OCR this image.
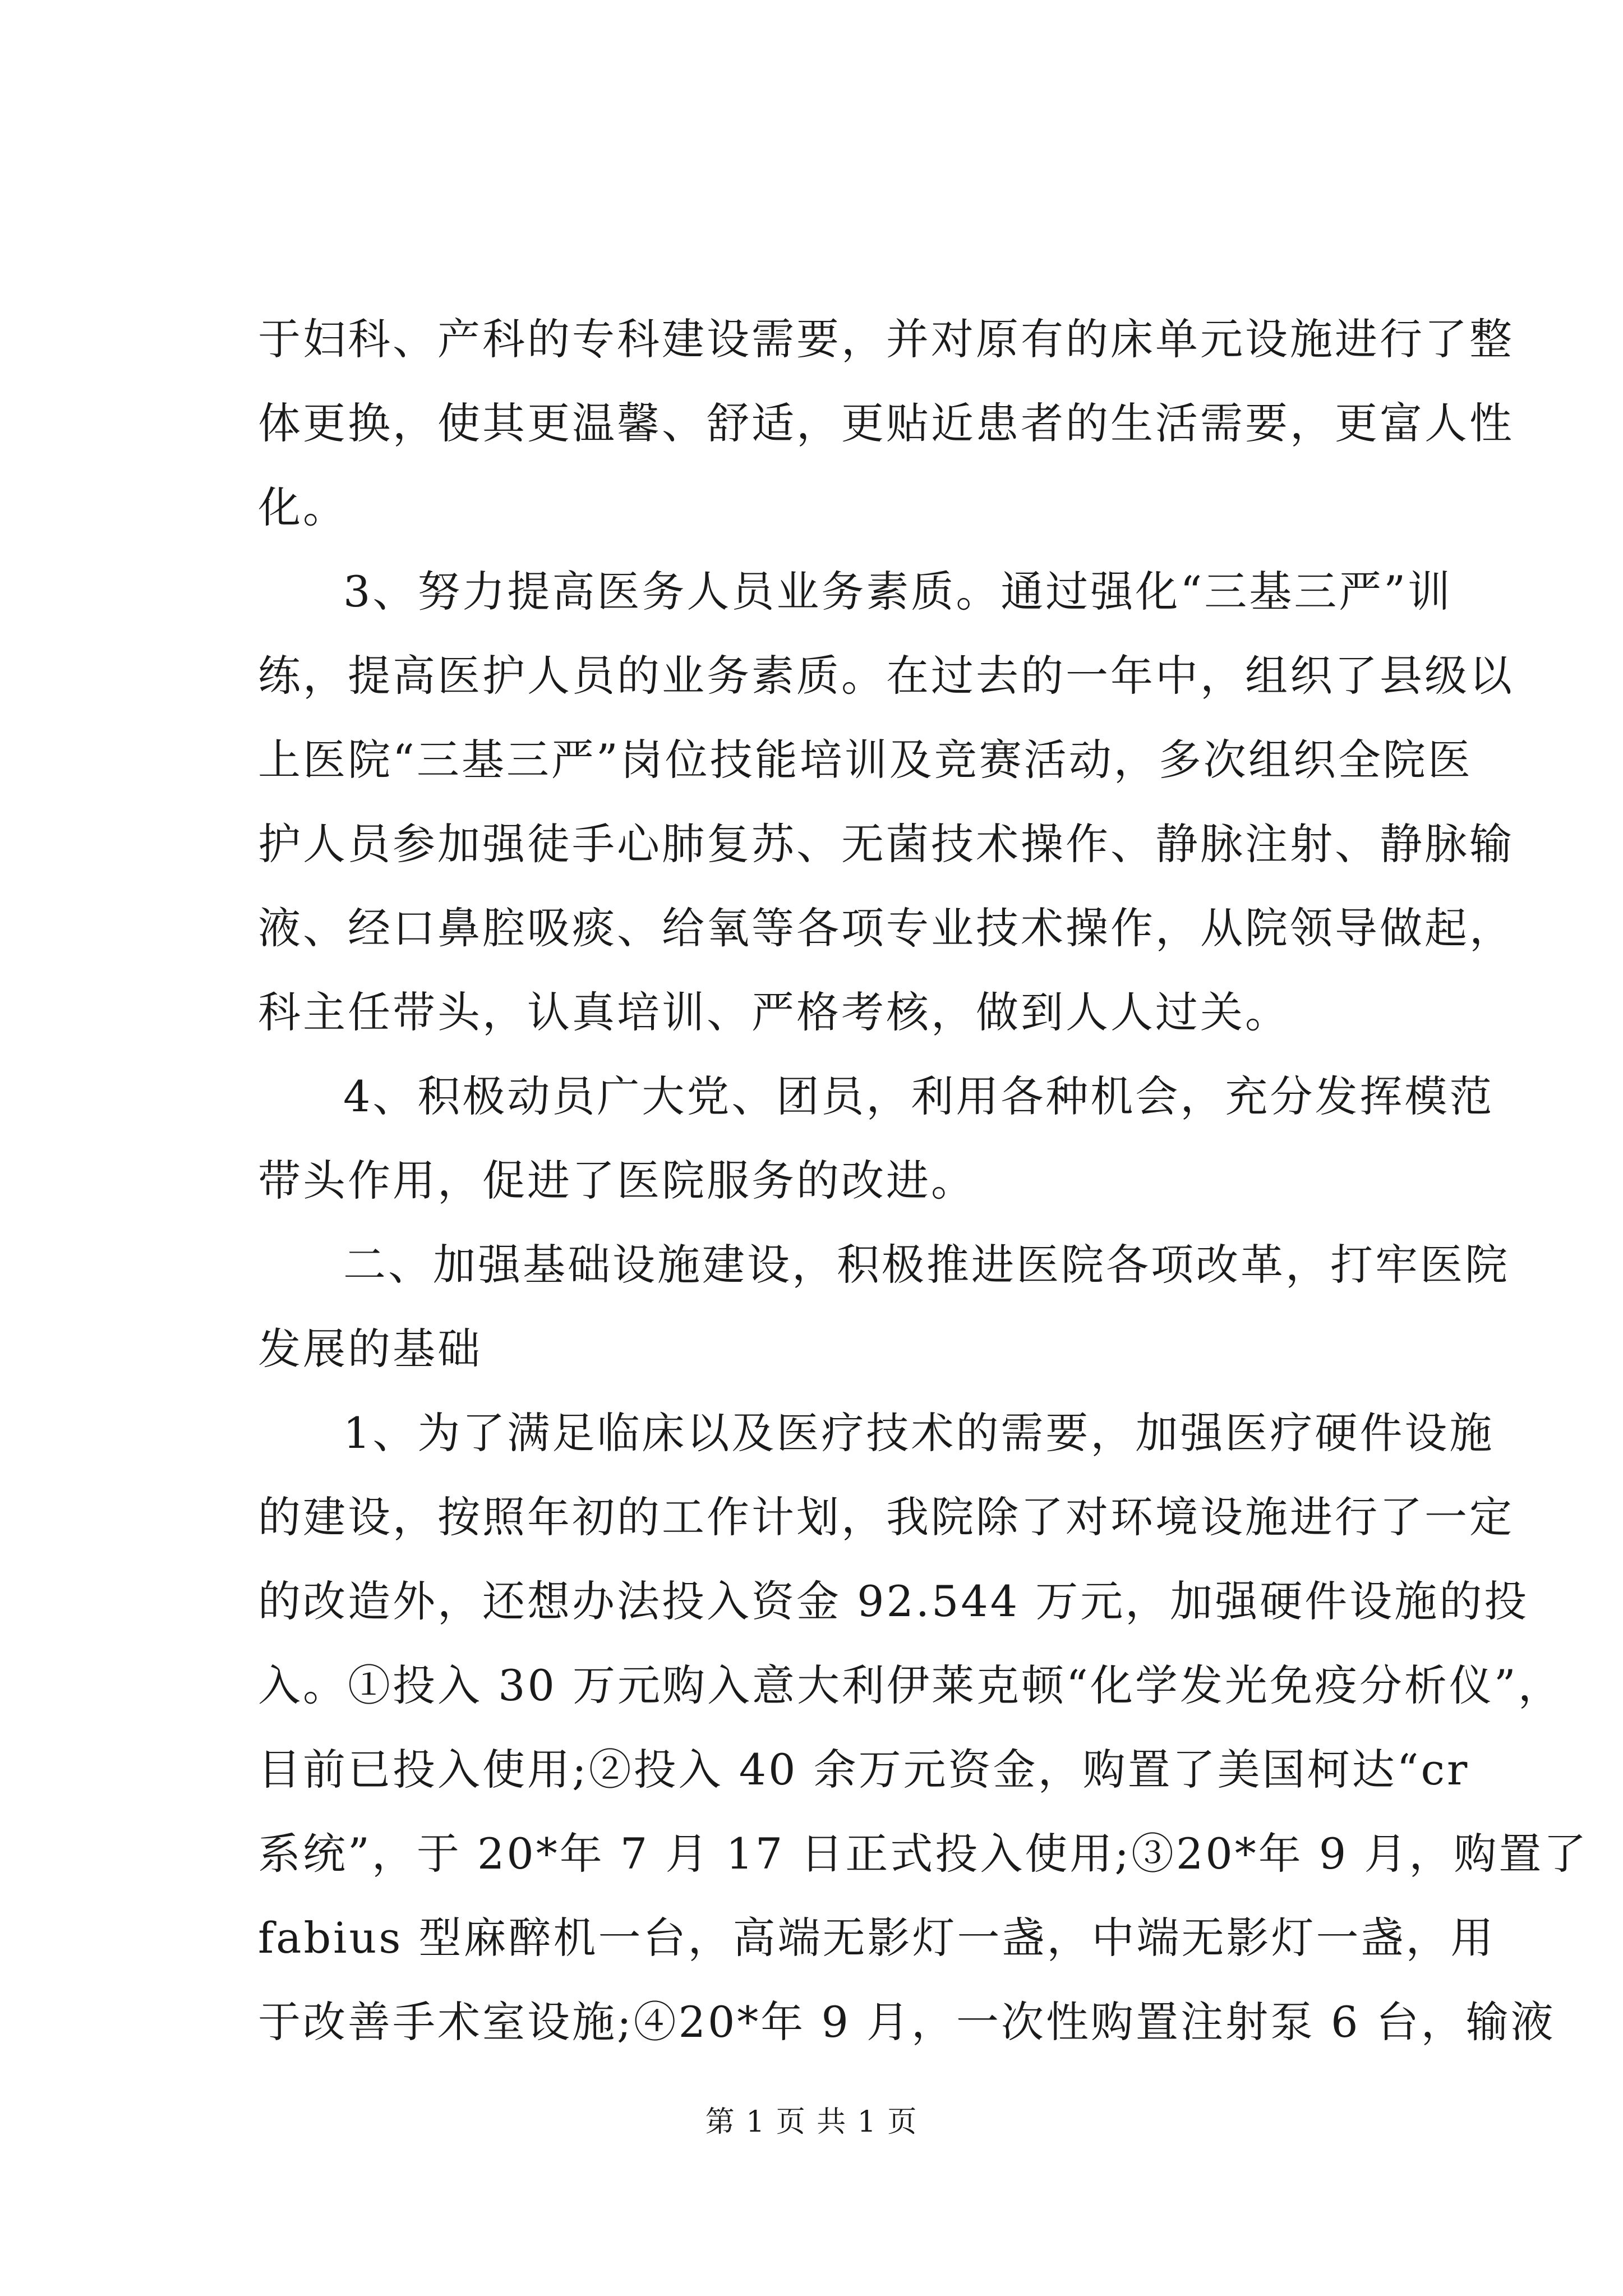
于妇科、产科的专科建设需要，并对原有的床单元设施进行了整
体更换，使其更温馨、舒适，更贴近患者的生活需要，更富人性
化。
3、努力提高医务人员业务素质。通过强化“三基三严”训
练，提高医护人员的业务素质。在过去的一年中，组织了县级以
上医院“三基三严”岗位技能培训及竞赛活动，多次组织全院医
护人员参加强徒手心肺复苏、无菌技术操作、静脉注射、静脉输
液、经口鼻腔吸痰、给氧等各项专业技术操作，从院领导做起，
科主任带头，认真培训、严格考核，做到人人过关。
4、积极动员广大党、团员，利用各种机会，充分发挥模范
带头作用，促进了医院服务的改进。
二、加强基础设施建设，积极推进医院各项改革，打牢医院
发展的基础
1、为了满足临床以及医疗技术的需要，加强医疗硬件设施
的建设，按照年初的工作计划，我院除了对环境设施进行了一定
的改造外，还想办法投入资金 92.544 万元，加强硬件设施的投
入。①投入 30 万元购入意大利伊莱克顿“化学发光免疫分析仪”，
目前已投入使用;②投入 40 余万元资金，购置了美国柯达“cr
系统”，于 20*年 7 月 17 日正式投入使用;③20*年 9 月，购置了
fabius 型麻醉机一台，高端无影灯一盏，中端无影灯一盏，用
于改善手术室设施;④20*年 9 月，一次性购置注射泵 6 台，输液
第 1 页 共 1 页
